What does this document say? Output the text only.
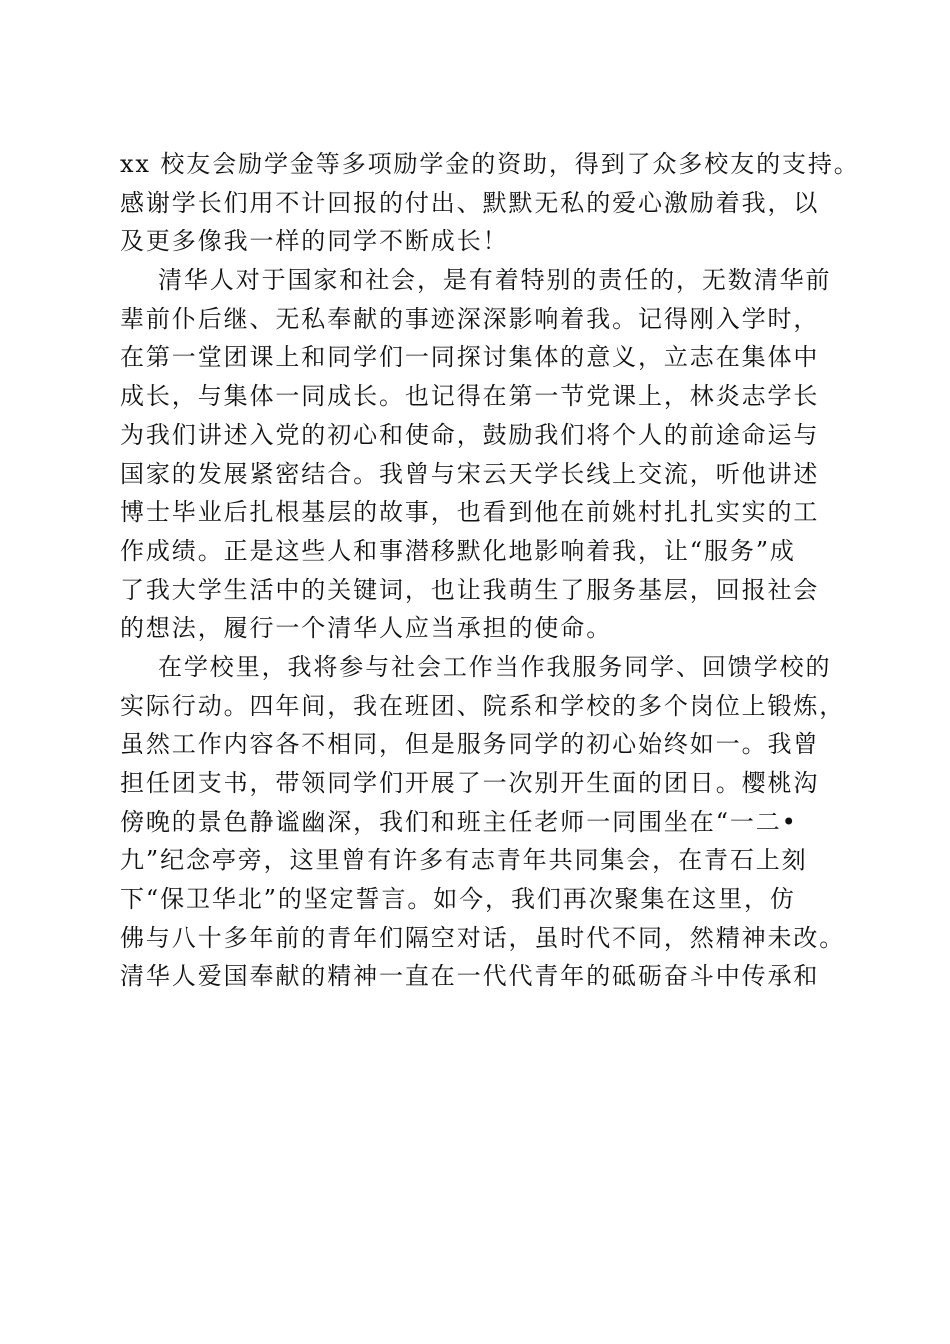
xx 校友会励学金等多项励学金的资助，得到了众多校友的支持。
感谢学长们用不计回报的付出、默默无私的爱心激励着我，以
及更多像我一样的同学不断成长！
清华人对于国家和社会，是有着特别的责任的，无数清华前
辈前仆后继、无私奉献的事迹深深影响着我。记得刚入学时，
在第一堂团课上和同学们一同探讨集体的意义，立志在集体中
成长，与集体一同成长。也记得在第一节党课上，林炎志学长
为我们讲述入党的初心和使命，鼓励我们将个人的前途命运与
国家的发展紧密结合。我曾与宋云天学长线上交流，听他讲述
博士毕业后扎根基层的故事，也看到他在前姚村扎扎实实的工
作成绩。正是这些人和事潜移默化地影响着我，让“服务”成
了我大学生活中的关键词，也让我萌生了服务基层，回报社会
的想法，履行一个清华人应当承担的使命。
在学校里，我将参与社会工作当作我服务同学、回馈学校的
实际行动。四年间，我在班团、院系和学校的多个岗位上锻炼，
虽然工作内容各不相同，但是服务同学的初心始终如一。我曾
担任团支书，带领同学们开展了一次别开生面的团日。樱桃沟
傍晚的景色静谧幽深，我们和班主任老师一同围坐在“一二•
九”纪念亭旁，这里曾有许多有志青年共同集会，在青石上刻
下“保卫华北”的坚定誓言。如今，我们再次聚集在这里，仿
佛与八十多年前的青年们隔空对话，虽时代不同，然精神未改。
清华人爱国奉献的精神一直在一代代青年的砥砺奋斗中传承和
